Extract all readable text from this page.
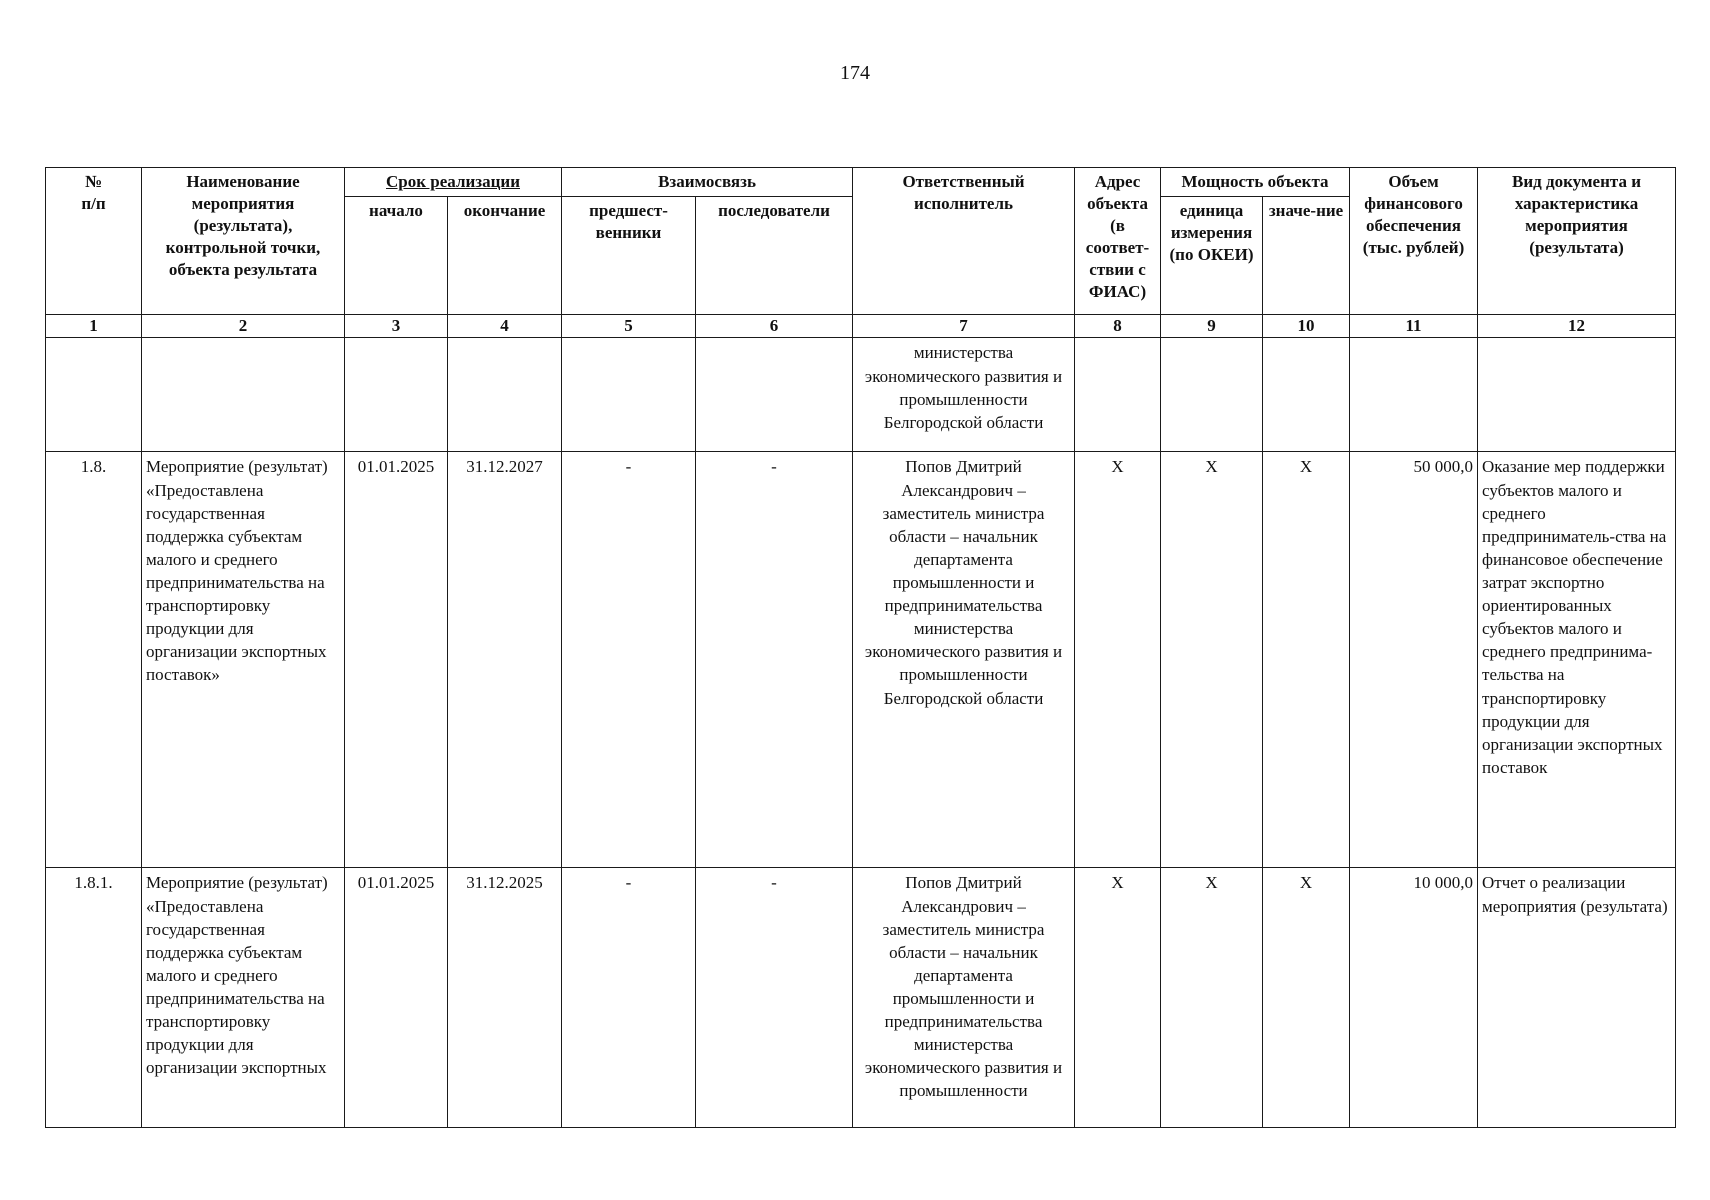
174
№
п/п	Наименование мероприятия (результата), контрольной точки, объекта результата	Срок реализации		Взаимосвязь		Ответственный исполнитель	Адрес объекта (в соответ-ствии с ФИАС)	Мощность объекта		Объем финансового обеспечения (тыс. рублей)	Вид документа и характеристика мероприятия (результата)
		начало	окончание	предшест-венники	последователи			единица измерения (по ОКЕИ)	значе-ние		
1	2	3	4	5	6	7	8	9	10	11	12
						министерства экономического развития и промышленности Белгородской области					
1.8.	Мероприятие (результат) «Предоставлена государственная поддержка субъектам малого и среднего предпринимательства на транспортировку продукции для организации экспортных поставок»	01.01.2025	31.12.2027	-	-	Попов Дмитрий Александрович – заместитель министра области – начальник департамента промышленности и предпринимательства министерства экономического развития и промышленности Белгородской области	X	X	X	50 000,0	Оказание мер поддержки субъектов малого и среднего предприниматель-ства на финансовое обеспечение затрат экспортно ориентированных субъектов малого и среднего предпринима-тельства на транспортировку продукции для организации экспортных поставок
1.8.1.	Мероприятие (результат) «Предоставлена государственная поддержка субъектам малого и среднего предпринимательства на транспортировку продукции для организации экспортных	01.01.2025	31.12.2025	-	-	Попов Дмитрий Александрович – заместитель министра области – начальник департамента промышленности и предпринимательства министерства экономического развития и промышленности	X	X	X	10 000,0	Отчет о реализации мероприятия (результата)
